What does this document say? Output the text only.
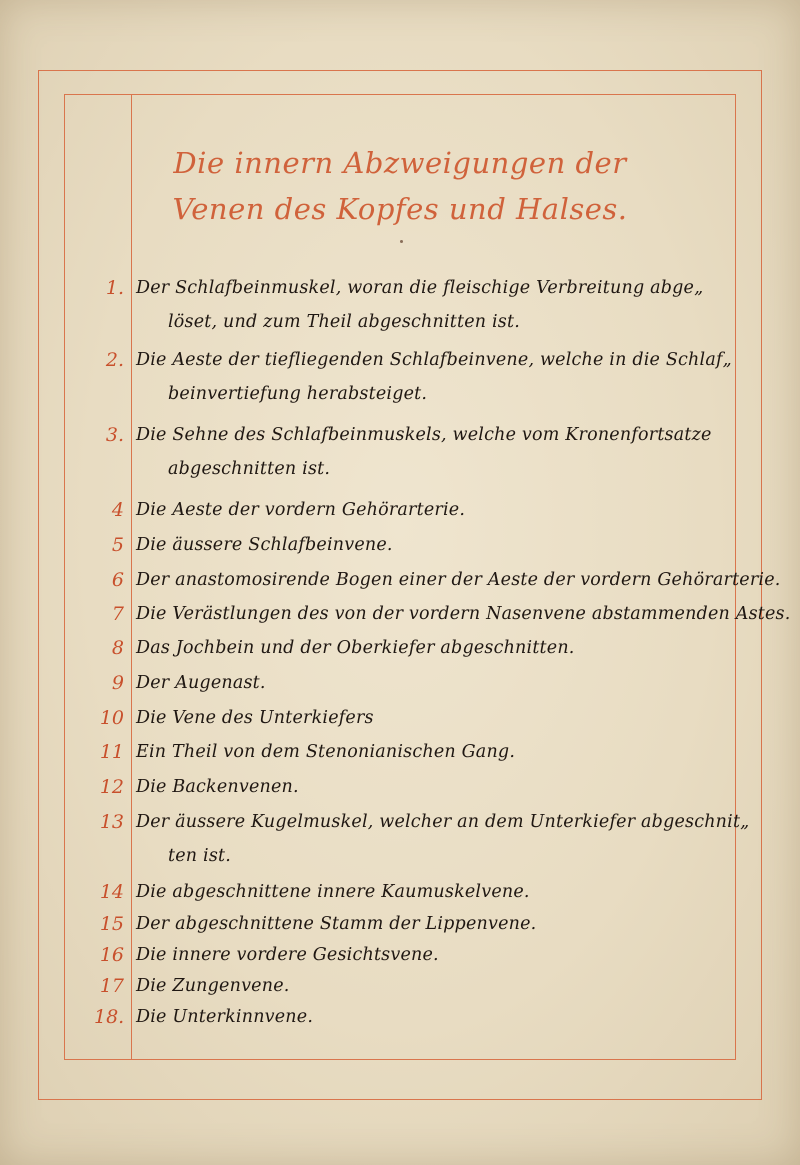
Die innern Abzweigungen der
Venen des Kopfes und Halses.
1. Der Schlafbeinmuskel, woran die fleischige Verbreitung abge„
löset, und zum Theil abgeschnitten ist.
2. Die Aeste der tiefliegenden Schlafbeinvene, welche in die Schlaf„
beinvertiefung herabsteiget.
3. Die Sehne des Schlafbeinmuskels, welche vom Kronenfortsatze
abgeschnitten ist.
4 Die Aeste der vordern Gehörarterie.
5 Die äussere Schlafbeinvene.
6 Der anastomosirende Bogen einer der Aeste der vordern Gehörarterie.
7 Die Verästlungen des von der vordern Nasenvene abstammenden Astes.
8 Das Jochbein und der Oberkiefer abgeschnitten.
9 Der Augenast.
10 Die Vene des Unterkiefers
11 Ein Theil von dem Stenonianischen Gang.
12 Die Backenvenen.
13 Der äussere Kugelmuskel, welcher an dem Unterkiefer abgeschnit„
ten ist.
14 Die abgeschnittene innere Kaumuskelvene.
15 Der abgeschnittene Stamm der Lippenvene.
16 Die innere vordere Gesichtsvene.
17 Die Zungenvene.
18. Die Unterkinnvene.
